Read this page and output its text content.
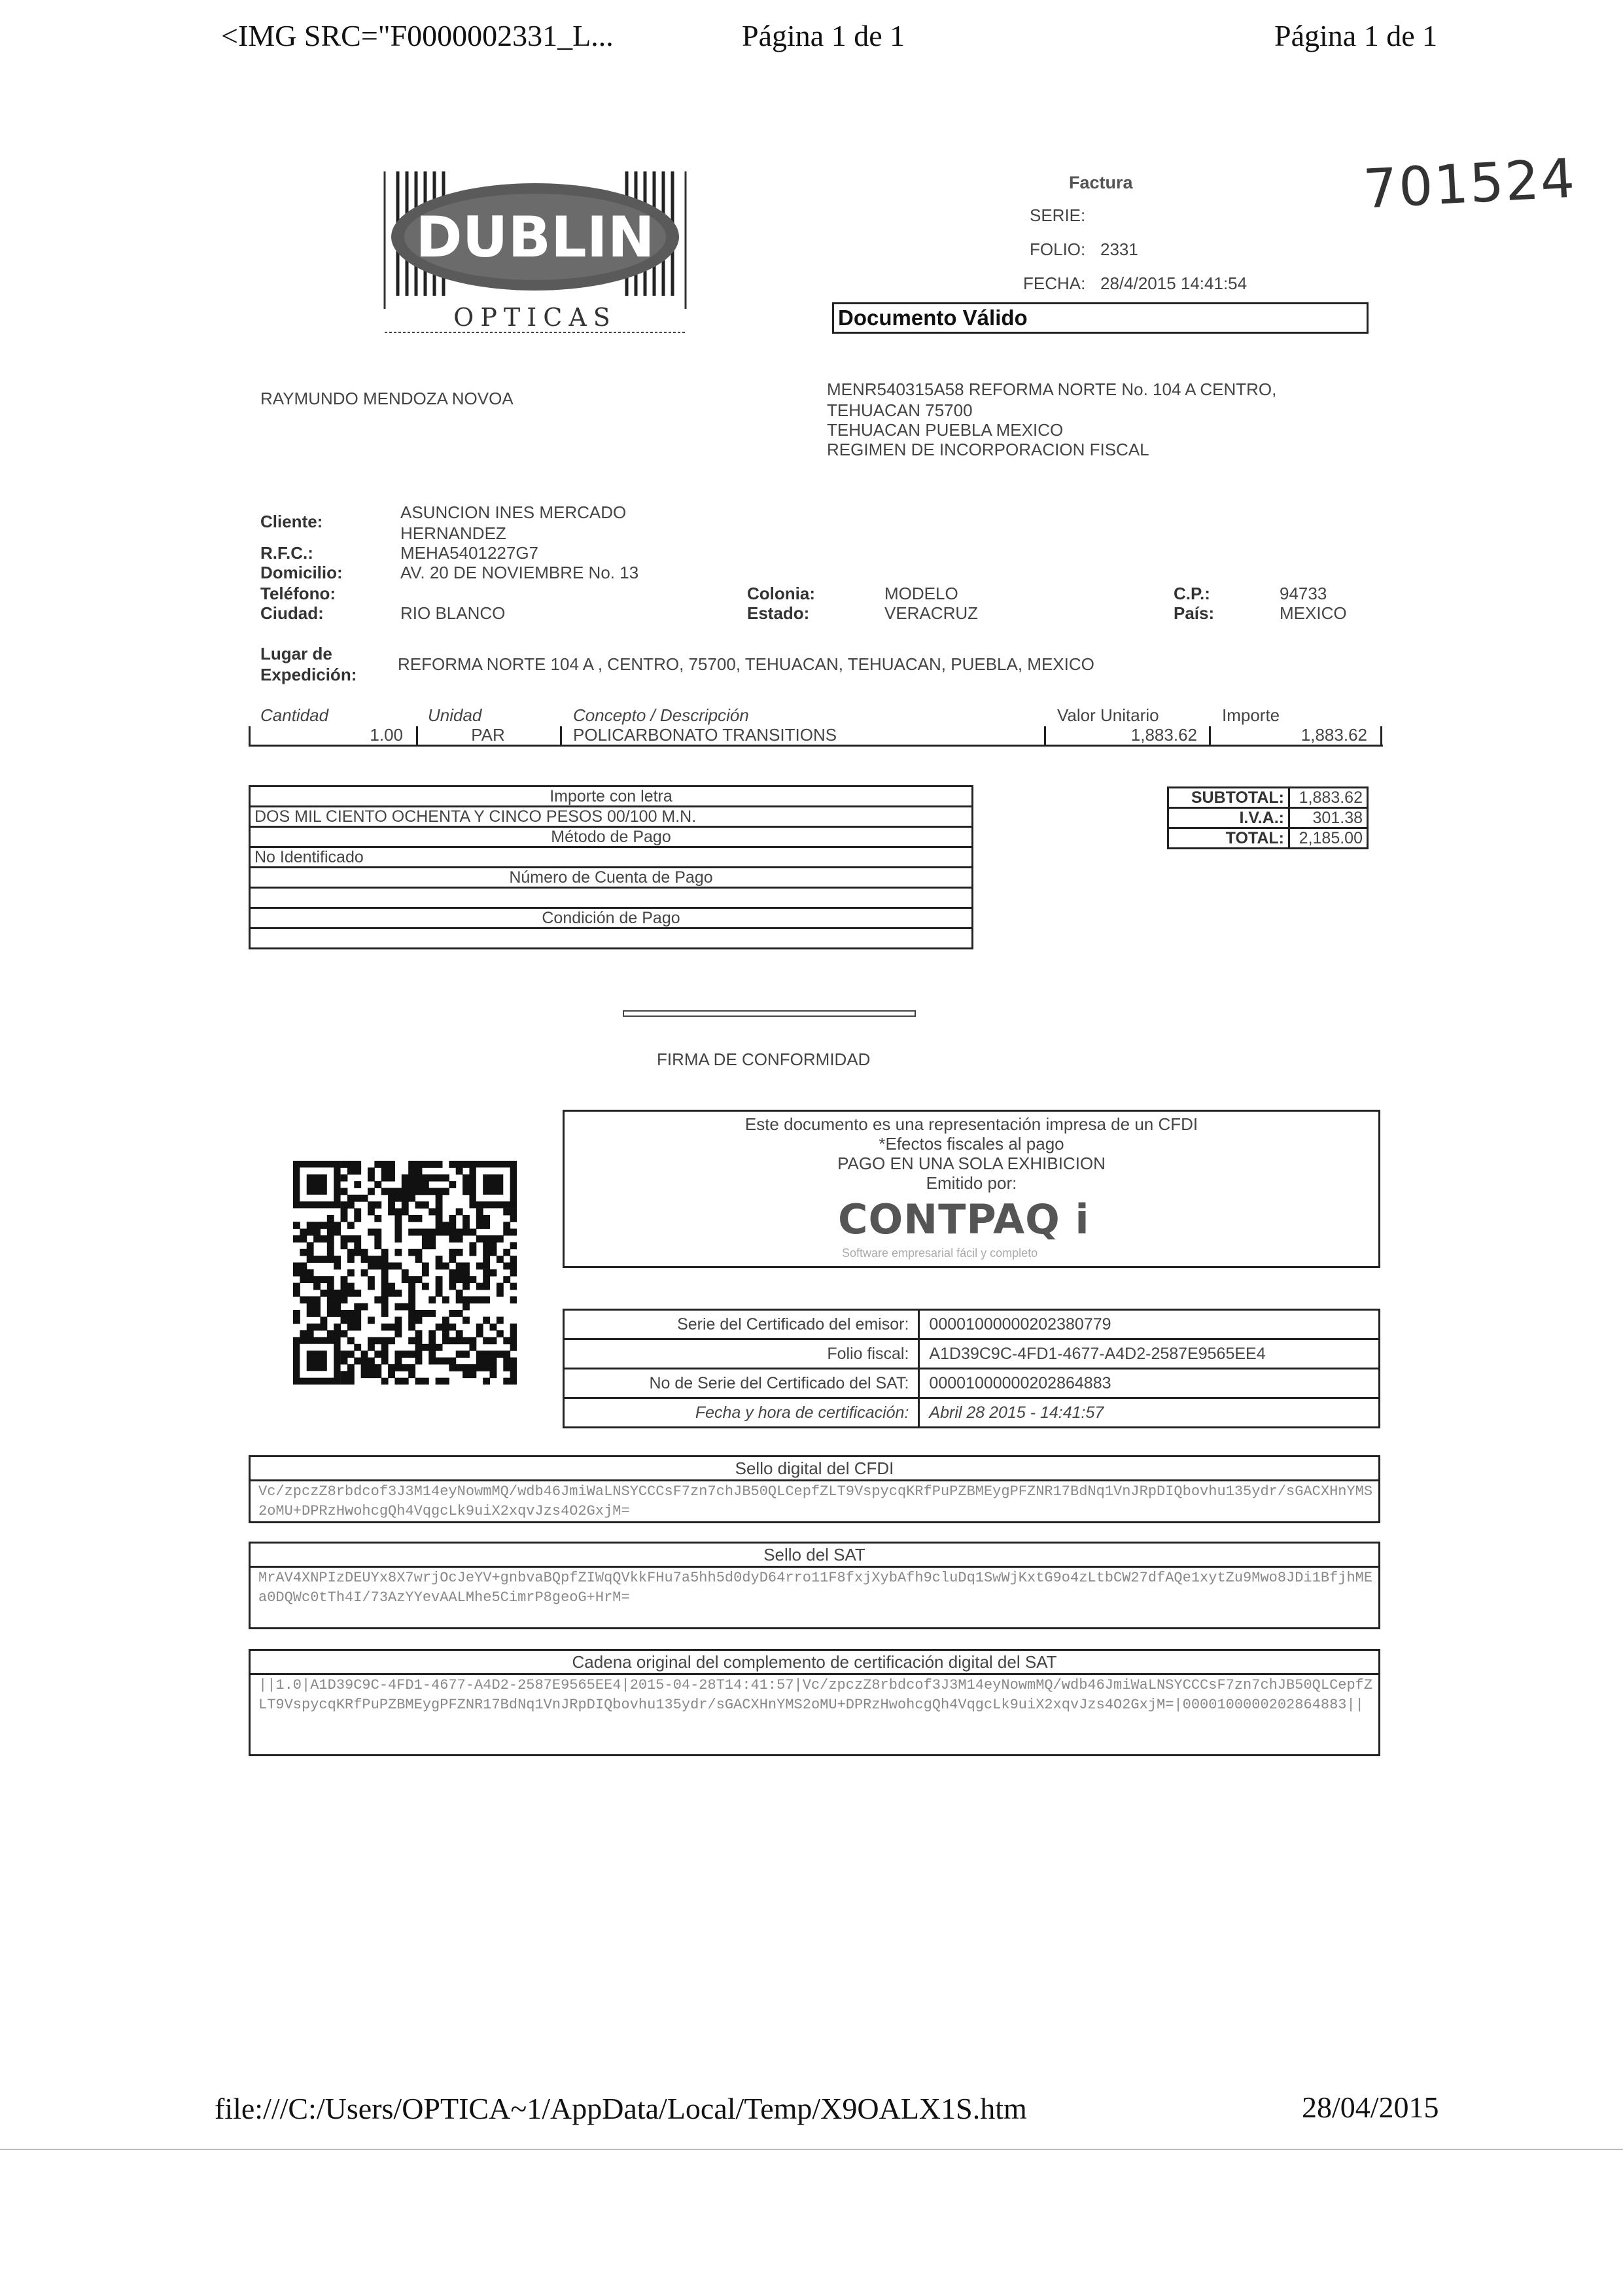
<IMG SRC="F0000002331_L...	Página 1 de 1	Página 1 de 1
701524
DUBLIN
OPTICAS
Factura
SERIE:
FOLIO: 2331
FECHA: 28/4/2015 14:41:54
Documento Válido
RAYMUNDO MENDOZA NOVOA	MENR540315A58 REFORMA NORTE No. 104 A CENTRO,
TEHUACAN 75700
TEHUACAN PUEBLA MEXICO
REGIMEN DE INCORPORACION FISCAL
Cliente:	ASUNCION INES MERCADO
HERNANDEZ
R.F.C.:	MEHA5401227G7
Domicilio:	AV. 20 DE NOVIEMBRE No. 13
Teléfono:
Ciudad:	RIO BLANCO
Colonia:	MODELO
Estado:	VERACRUZ
C.P.:	94733
País:	MEXICO
Lugar de
Expedición:
REFORMA NORTE 104 A , CENTRO, 75700, TEHUACAN, TEHUACAN, PUEBLA, MEXICO
Cantidad	Unidad	Concepto / Descripción	Valor Unitario	Importe
1.00	PAR	POLICARBONATO TRANSITIONS	1,883.62	1,883.62
Importe con letra
DOS MIL CIENTO OCHENTA Y CINCO PESOS 00/100 M.N.
Método de Pago
No Identificado
Número de Cuenta de Pago

Condición de Pago

SUBTOTAL:	1,883.62
I.V.A.:	301.38
TOTAL:	2,185.00
FIRMA DE CONFORMIDAD
Este documento es una representación impresa de un CFDI
*Efectos fiscales al pago
PAGO EN UNA SOLA EXHIBICION
Emitido por:
CONTPAQ i
Software empresarial fácil y completo
Serie del Certificado del emisor:	00001000000202380779
Folio fiscal:	A1D39C9C-4FD1-4677-A4D2-2587E9565EE4
No de Serie del Certificado del SAT:	00001000000202864883
Fecha y hora de certificación:	Abril 28 2015 - 14:41:57
Sello digital del CFDI
Vc/zpczZ8rbdcof3J3M14eyNowmMQ/wdb46JmiWaLNSYCCCsF7zn7chJB50QLCepfZLT9VspycqKRfPuPZBMEygPFZNR17BdNq1VnJRpDIQbovhu135ydr/sGACXHnYMS2oMU+DPRzHwohcgQh4VqgcLk9uiX2xqvJzs4O2GxjM=
Sello del SAT
MrAV4XNPIzDEUYx8X7wrjOcJeYV+gnbvaBQpfZIWqQVkkFHu7a5hh5d0dyD64rro11F8fxjXybAfh9cluDq1SwWjKxtG9o4zLtbCW27dfAQe1xytZu9Mwo8JDi1BfjhMEa0DQWc0tTh4I/73AzYYevAALMhe5CimrP8geoG+HrM=
Cadena original del complemento de certificación digital del SAT
||1.0|A1D39C9C-4FD1-4677-A4D2-2587E9565EE4|2015-04-28T14:41:57|Vc/zpczZ8rbdcof3J3M14eyNowmMQ/wdb46JmiWaLNSYCCCsF7zn7chJB50QLCepfZLT9VspycqKRfPuPZBMEygPFZNR17BdNq1VnJRpDIQbovhu135ydr/sGACXHnYMS2oMU+DPRzHwohcgQh4VqgcLk9uiX2xqvJzs4O2GxjM=|0000100000202864883||
file:///C:/Users/OPTICA~1/AppData/Local/Temp/X9OALX1S.htm	28/04/2015
